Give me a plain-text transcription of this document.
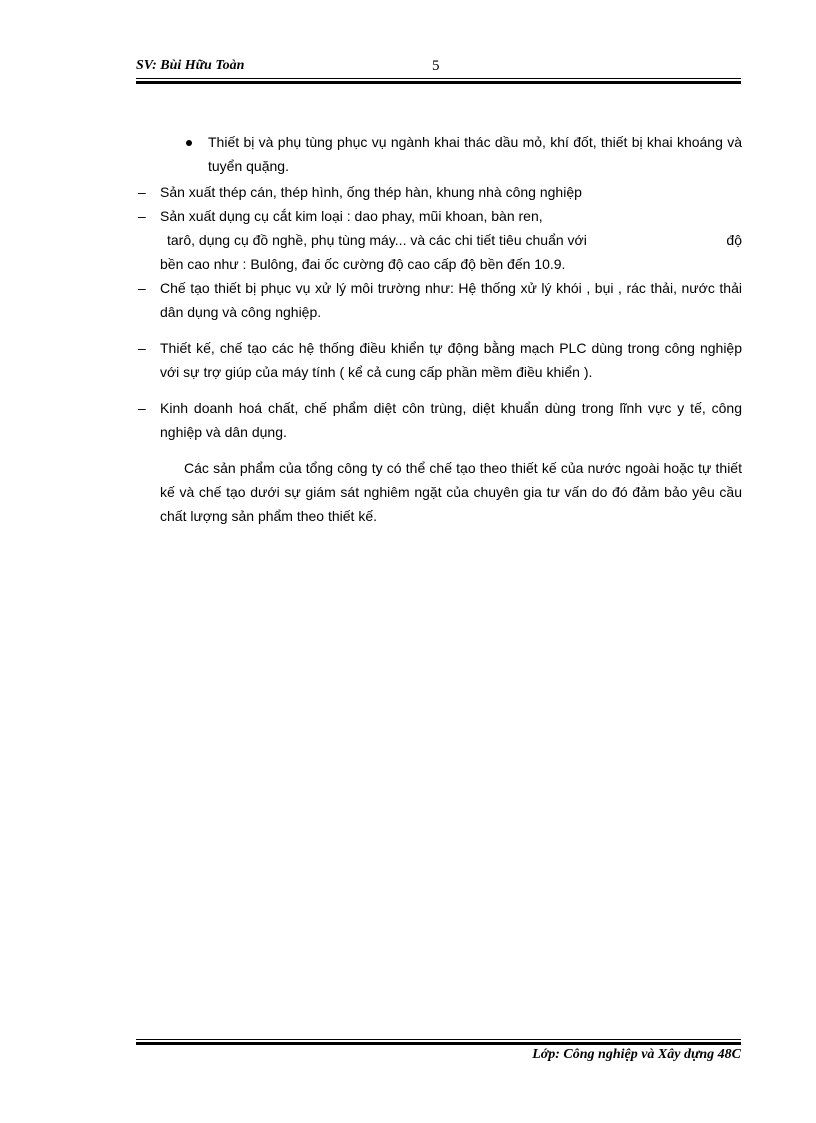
SV: Bùi Hữu Toàn	5

Thiết bị và phụ tùng phục vụ ngành khai thác dầu mỏ, khí đốt, thiết bị khai khoáng và tuyển quặng.

– Sản xuất thép cán, thép hình, ống thép hàn, khung nhà công nghiệp

– Sản xuất dụng cụ cắt kim loại : dao phay, mũi khoan, bàn ren,
tarô, dụng cụ đồ nghề, phụ tùng máy... và các chi tiết tiêu chuẩn với	độ
bền cao như : Bulông, đai ốc cường độ cao cấp độ bền đến 10.9.

– Chế tạo thiết bị phục vụ xử lý môi trường như: Hệ thống xử lý khói , bụi , rác thải, nước thải dân dụng và công nghiệp.

– Thiết kế, chế tạo các hệ thống điều khiển tự động bằng mạch PLC dùng trong công nghiệp với sự trợ giúp của máy tính ( kể cả cung cấp phần mềm điều khiển ).

– Kinh doanh hoá chất, chế phẩm diệt côn trùng, diệt khuẩn dùng trong lĩnh vực y tế, công nghiệp và dân dụng.

Các sản phẩm của tổng công ty có thể chế tạo theo thiết kế của nước ngoài hoặc tự thiết kế và chế tạo dưới sự giám sát nghiêm ngặt của chuyên gia tư vấn do đó đảm bảo yêu cầu chất lượng sản phẩm theo thiết kế.

Lớp: Công nghiệp và Xây dựng 48C
